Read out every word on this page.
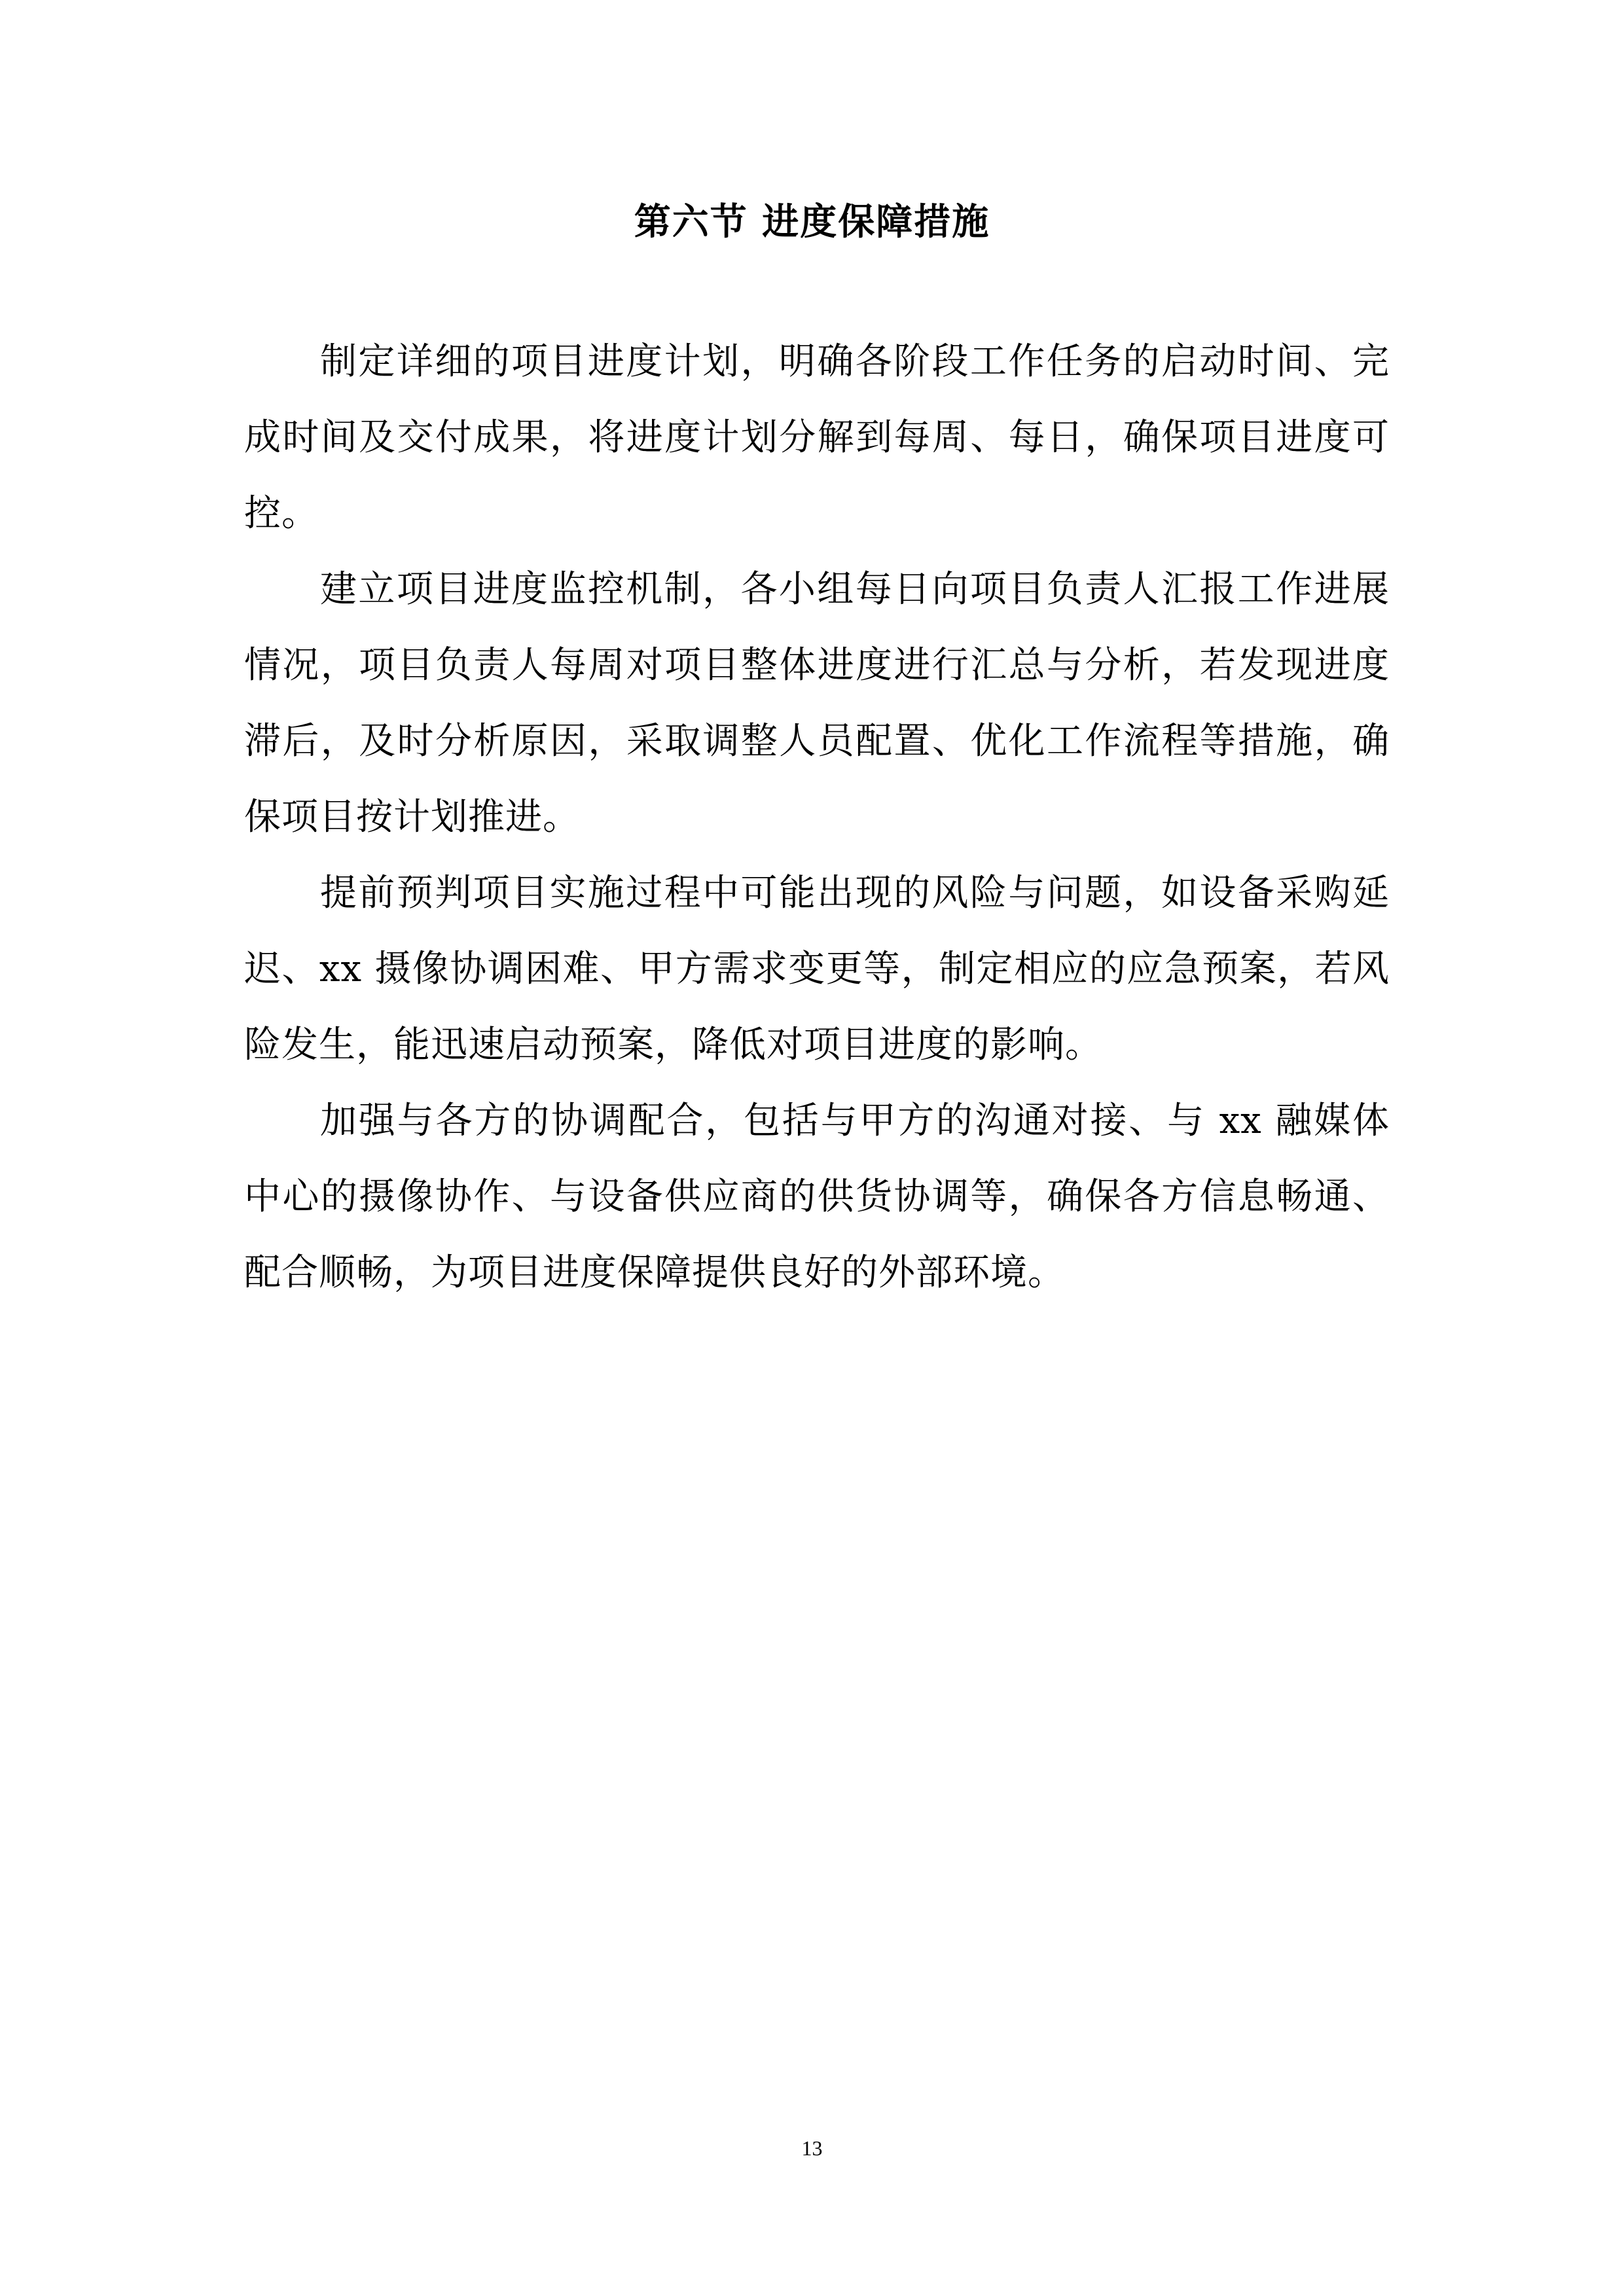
第六节 进度保障措施

制定详细的项目进度计划，明确各阶段工作任务的启动时间、完成时间及交付成果，将进度计划分解到每周、每日，确保项目进度可控。

建立项目进度监控机制，各小组每日向项目负责人汇报工作进展情况，项目负责人每周对项目整体进度进行汇总与分析，若发现进度滞后，及时分析原因，采取调整人员配置、优化工作流程等措施，确保项目按计划推进。

提前预判项目实施过程中可能出现的风险与问题，如设备采购延迟、xx 摄像协调困难、甲方需求变更等，制定相应的应急预案，若风险发生，能迅速启动预案，降低对项目进度的影响。

加强与各方的协调配合，包括与甲方的沟通对接、与 xx 融媒体中心的摄像协作、与设备供应商的供货协调等，确保各方信息畅通、配合顺畅，为项目进度保障提供良好的外部环境。

13
